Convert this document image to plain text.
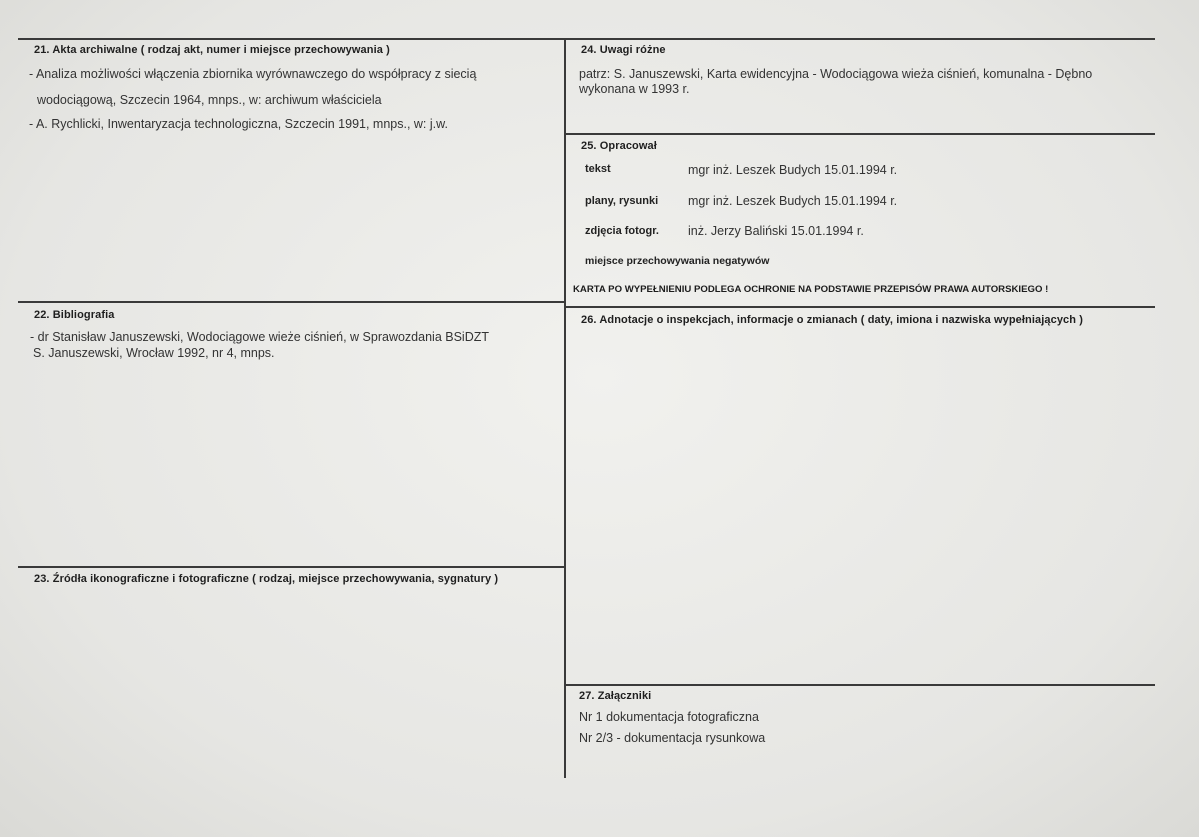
21. Akta archiwalne ( rodzaj akt, numer i miejsce przechowywania )
- Analiza możliwości włączenia zbiornika wyrównawczego do współpracy z siecią
wodociągową, Szczecin 1964, mnps., w: archiwum właściciela
- A. Rychlicki, Inwentaryzacja technologiczna, Szczecin 1991, mnps., w: j.w.
22. Bibliografia
- dr Stanisław Januszewski, Wodociągowe wieże ciśnień, w Sprawozdania BSiDZT
S. Januszewski, Wrocław 1992, nr 4, mnps.
23. Źródła ikonograficzne i fotograficzne ( rodzaj, miejsce przechowywania, sygnatury )
24. Uwagi różne
patrz: S. Januszewski, Karta ewidencyjna - Wodociągowa wieża ciśnień, komunalna - Dębno
wykonana w 1993 r.
25. Opracował
tekst	mgr inż. Leszek Budych 15.01.1994 r.
plany, rysunki mgr inż. Leszek Budych 15.01.1994 r.
zdjęcia fotogr. inż. Jerzy Baliński 15.01.1994 r.
miejsce przechowywania negatywów
KARTA PO WYPEŁNIENIU PODLEGA OCHRONIE NA PODSTAWIE PRZEPISÓW PRAWA AUTORSKIEGO !
26. Adnotacje o inspekcjach, informacje o zmianach ( daty, imiona i nazwiska wypełniających )
27. Załączniki
Nr 1 dokumentacja fotograficzna
Nr 2/3 - dokumentacja rysunkowa
